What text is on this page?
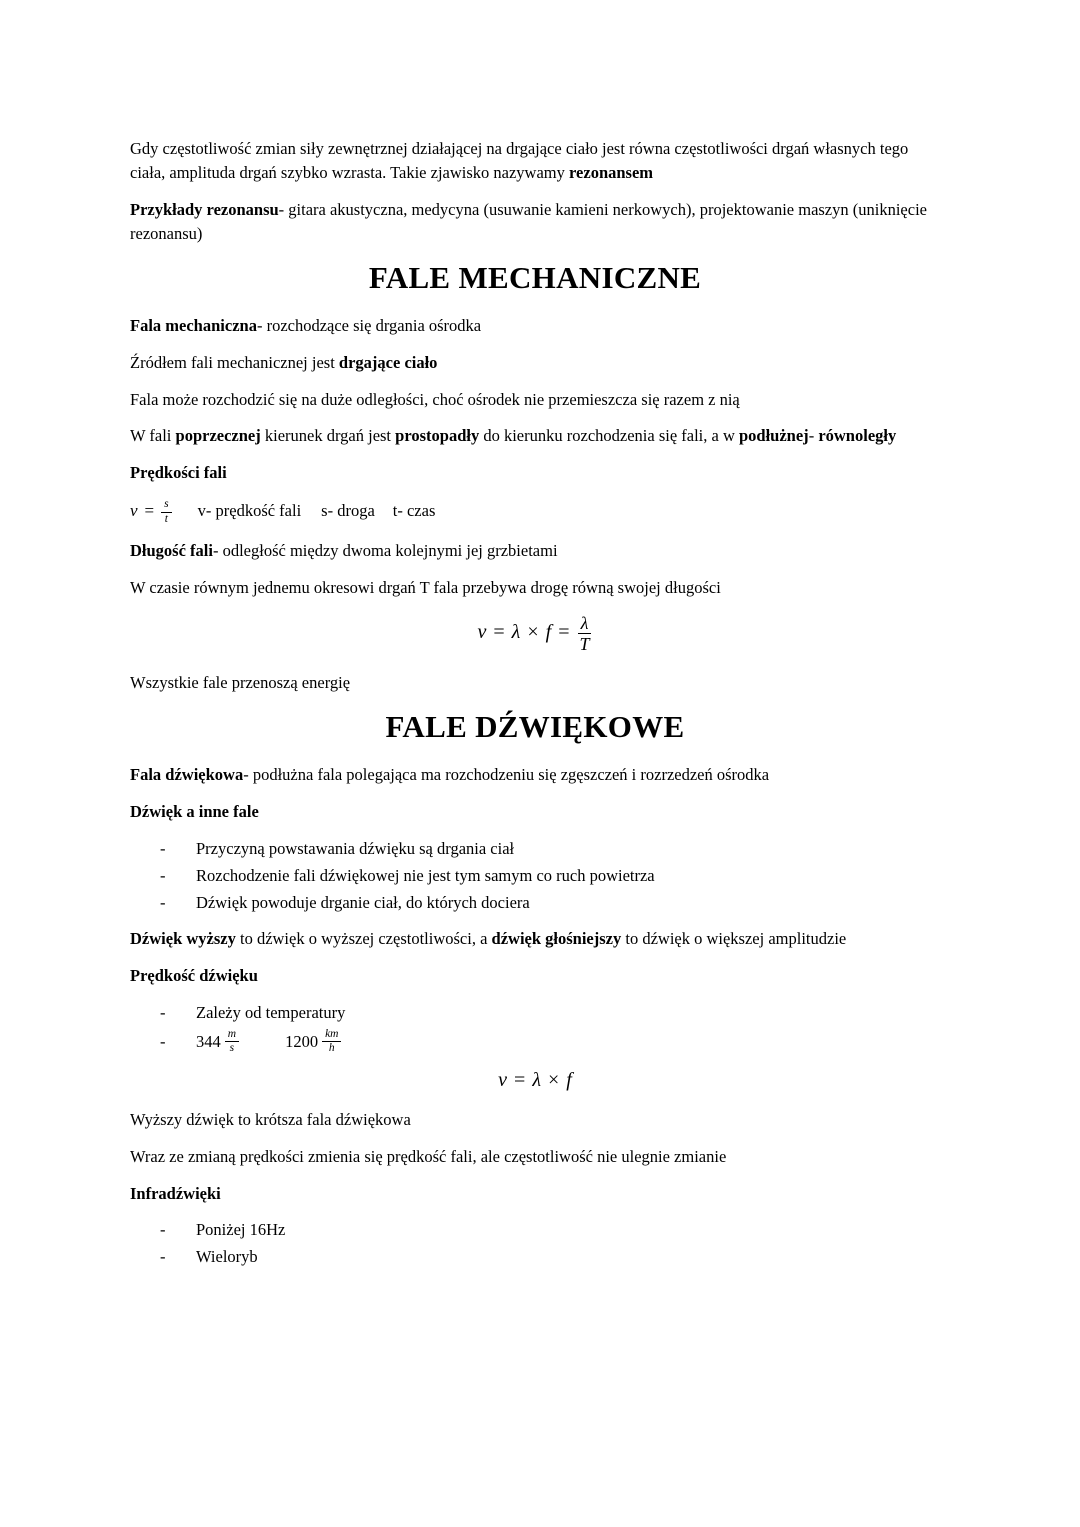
Gdy częstotliwość zmian siły zewnętrznej działającej na drgające ciało jest równa częstotliwości drgań własnych tego ciała, amplituda drgań szybko wzrasta. Takie zjawisko nazywamy rezonansem

Przykłady rezonansu- gitara akustyczna, medycyna (usuwanie kamieni nerkowych), projektowanie maszyn (uniknięcie rezonansu)

FALE MECHANICZNE

Fala mechaniczna- rozchodzące się drgania ośrodka

Źródłem fali mechanicznej jest drgające ciało

Fala może rozchodzić się na duże odległości, choć ośrodek nie przemieszcza się razem z nią

W fali poprzecznej kierunek drgań jest prostopadły do kierunku rozchodzenia się fali, a w podłużnej- równoległy

Prędkości fali

$v = \frac{s}{t} v-$ prędkość fali s- droga t- czas

Długość fali- odległość między dwoma kolejnymi jej grzbietami

W czasie równym jednemu okresowi drgań T fala przebywa drogę równą swojej długości

$v = \lambda \times f = \frac{\lambda}{T}$

Wszystkie fale przenoszą energię

FALE DŹWIĘKOWE

Fala dźwiękowa- podłużna fala polegająca ma rozchodzeniu się zgęszczeń i rozrzedzeń ośrodka

Dźwięk a inne fale

-	Przyczyną powstawania dźwięku są drgania ciał
-	Rozchodzenie fali dźwiękowej nie jest tym samym co ruch powietrza
-	Dźwięk powoduje drganie ciał, do których dociera

Dźwięk wyższy to dźwięk o wyższej częstotliwości, a dźwięk głośniejszy to dźwięk o większej amplitudzie

Prędkość dźwięku

-	Zależy od temperatury
-	$344 \frac{m}{s}$	$1200 \frac{km}{h}$
v = λ × f

Wyższy dźwięk to krótsza fala dźwiękowa

Wraz ze zmianą prędkości zmienia się prędkość fali, ale częstotliwość nie ulegnie zmianie

Infradźwięki

-	Poniżej 16Hz
-	Wieloryb
